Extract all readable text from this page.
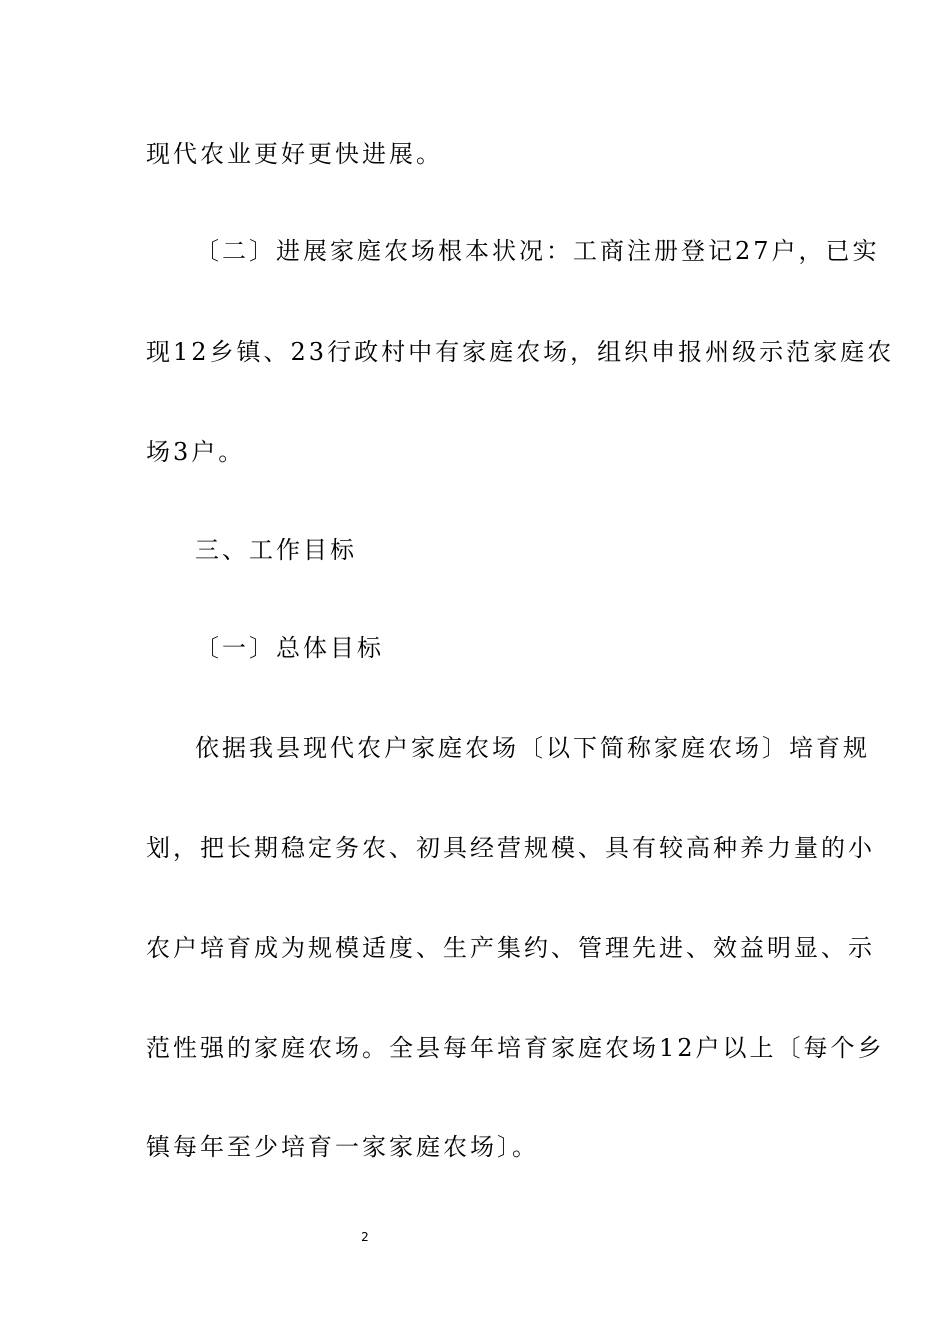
现代农业更好更快进展。
〔二〕进展家庭农场根本状况：工商注册登记27户，已实
现12乡镇、23行政村中有家庭农场，组织申报州级示范家庭农
场3户。
三、工作目标
〔一〕总体目标
依据我县现代农户家庭农场〔以下简称家庭农场〕培育规
划，把长期稳定务农、初具经营规模、具有较高种养力量的小
农户培育成为规模适度、生产集约、管理先进、效益明显、示
范性强的家庭农场。全县每年培育家庭农场12户以上〔每个乡
镇每年至少培育一家家庭农场〕。
2
